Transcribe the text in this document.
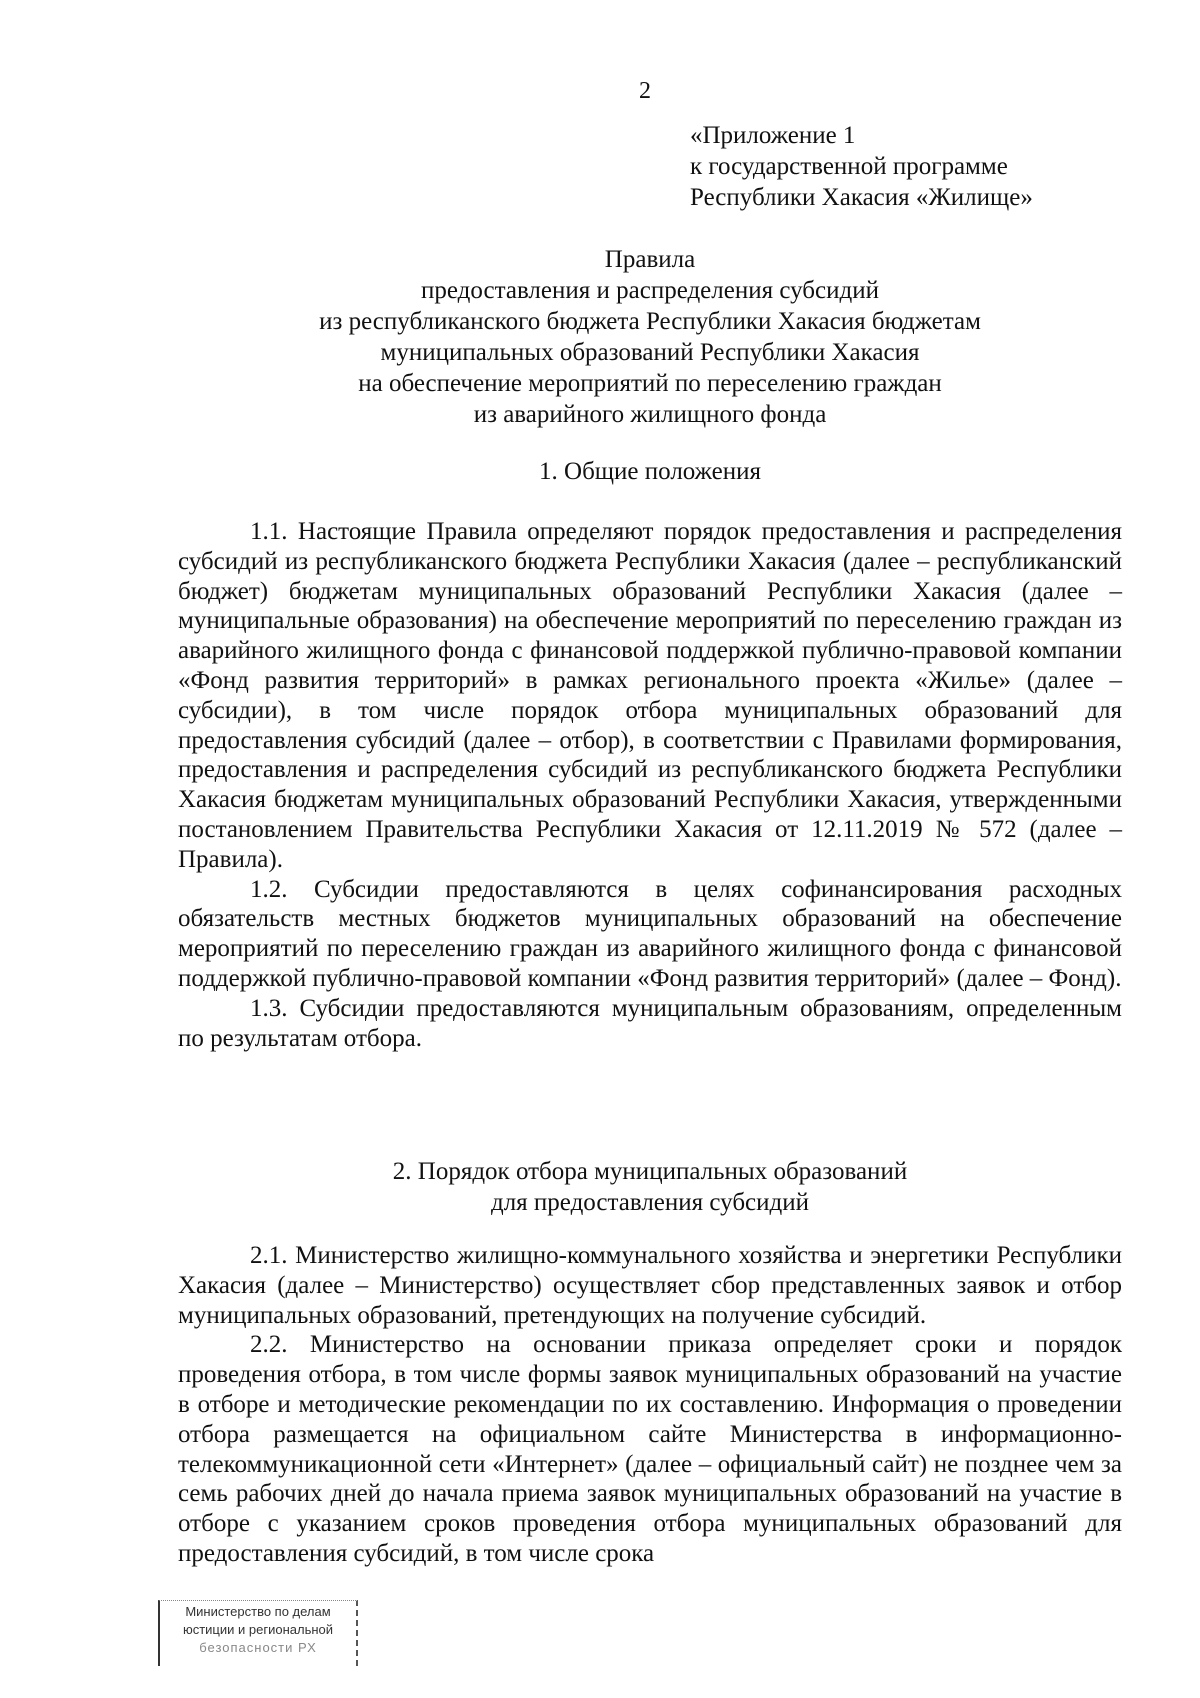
2
«Приложение 1
к государственной программе
Республики Хакасия «Жилище»
Правила
предоставления и распределения субсидий
из республиканского бюджета Республики Хакасия бюджетам
муниципальных образований Республики Хакасия
на обеспечение мероприятий по переселению граждан
из аварийного жилищного фонда
1. Общие положения

1.1. Настоящие Правила определяют порядок предоставления и распределения субсидий из республиканского бюджета Республики Хакасия (далее – республиканский бюджет) бюджетам муниципальных образований Республики Хакасия (далее – муниципальные образования) на обеспечение мероприятий по переселению граждан из аварийного жилищного фонда с финансовой поддержкой публично-правовой компании «Фонд развития территорий» в рамках регионального проекта «Жилье» (далее – субсидии), в том числе порядок отбора муниципальных образований для предоставления субсидий (далее – отбор), в соответствии с Правилами формирования, предоставления и распределения субсидий из республиканского бюджета Республики Хакасия бюджетам муниципальных образований Республики Хакасия, утвержденными постановлением Правительства Республики Хакасия от 12.11.2019 № 572 (далее – Правила).

1.2. Субсидии предоставляются в целях софинансирования расходных обязательств местных бюджетов муниципальных образований на обеспечение мероприятий по переселению граждан из аварийного жилищного фонда с финансовой поддержкой публично-правовой компании «Фонд развития территорий» (далее – Фонд).

1.3. Субсидии предоставляются муниципальным образованиям, определенным по результатам отбора.

2. Порядок отбора муниципальных образований
для предоставления субсидий

2.1. Министерство жилищно-коммунального хозяйства и энергетики Республики Хакасия (далее – Министерство) осуществляет сбор представленных заявок и отбор муниципальных образований, претендующих на получение субсидий.

2.2. Министерство на основании приказа определяет сроки и порядок проведения отбора, в том числе формы заявок муниципальных образований на участие в отборе и методические рекомендации по их составлению. Информация о проведении отбора размещается на официальном сайте Министерства в информационно-телекоммуникационной сети «Интернет» (далее – официальный сайт) не позднее чем за семь рабочих дней до начала приема заявок муниципальных образований на участие в отборе с указанием сроков проведения отбора муниципальных образований для предоставления субсидий, в том числе срока

Министерство по делам
юстиции и региональной
безопасности РХ
